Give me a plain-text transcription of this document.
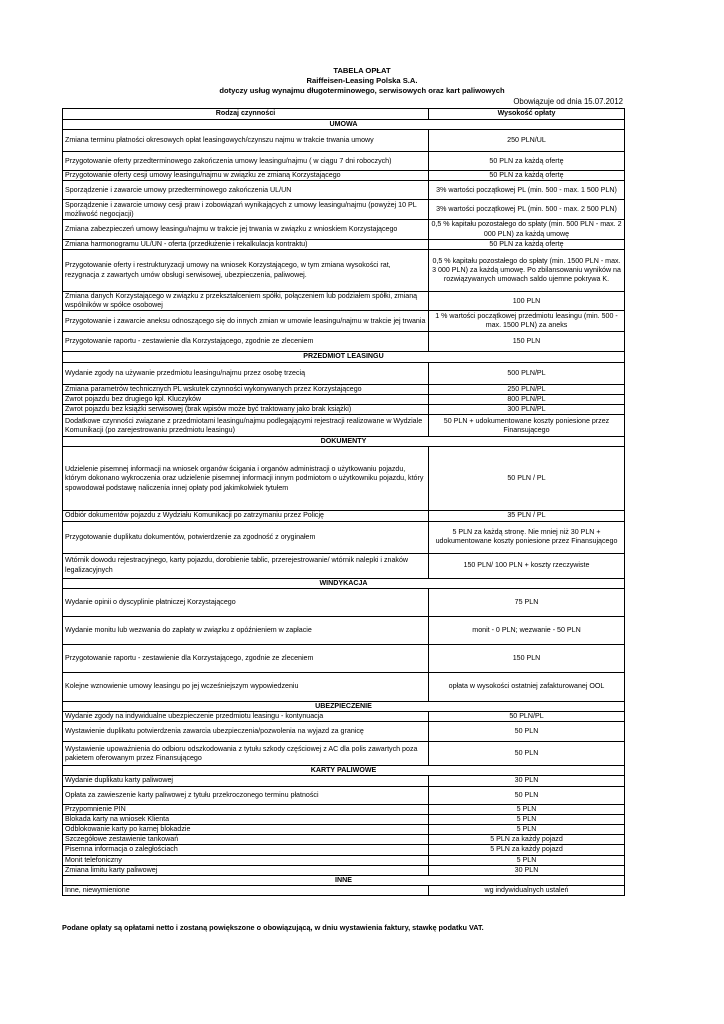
TABELA OPŁAT
Raiffeisen-Leasing Polska S.A.
dotyczy usług wynajmu długoterminowego, serwisowych oraz kart paliwowych
Obowiązuje od dnia 15.07.2012
Rodzaj czynności	Wysokość opłaty
UMOWA	
Zmiana terminu płatności okresowych opłat leasingowych/czynszu najmu w trakcie trwania umowy	250 PLN/UL
Przygotowanie oferty przedterminowego zakończenia umowy leasingu/najmu ( w ciągu 7 dni roboczych)	50 PLN za każdą ofertę
Przygotowanie oferty cesji umowy leasingu/najmu w związku ze zmianą Korzystającego	50 PLN za każdą ofertę
Sporządzenie i zawarcie umowy przedterminowego zakończenia UL/UN	3% wartości początkowej PL (min. 500 - max. 1 500 PLN)
Sporządzenie i zawarcie umowy cesji praw i zobowiązań wynikających z umowy leasingu/najmu (powyżej 10 PL możliwość negocjacji)	3% wartości początkowej PL (min. 500 - max. 2 500 PLN)
Zmiana zabezpieczeń umowy leasingu/najmu w trakcie jej trwania w związku z wnioskiem Korzystającego	0,5 % kapitału pozostałego do spłaty (min. 500 PLN - max. 2 000 PLN) za każdą umowę
Zmiana harmonogramu UL/UN - oferta (przedłużenie i rekalkulacja kontraktu)	50 PLN za każdą ofertę
Przygotowanie oferty i restrukturyzacji umowy na wniosek Korzystającego, w tym zmiana wysokości rat, rezygnacja z zawartych umów obsługi serwisowej, ubezpieczenia, paliwowej.	0,5 % kapitału pozostałego do spłaty (min. 1500 PLN - max. 3 000 PLN) za każdą umowę. Po zbilansowaniu wyników na rozwiązywanych umowach saldo ujemne pokrywa K.
Zmiana danych Korzystającego w związku z przekształceniem spółki, połączeniem lub podziałem spółki, zmianą wspólników w spółce osobowej	100 PLN
Przygotowanie i zawarcie aneksu odnoszącego się do innych zmian w umowie leasingu/najmu w trakcie jej trwania	1 % wartości początkowej przedmiotu leasingu (min. 500 - max. 1500 PLN) za aneks
Przygotowanie raportu - zestawienie dla Korzystającego, zgodnie ze zleceniem	150 PLN
PRZEDMIOT LEASINGU	
Wydanie zgody na używanie przedmiotu leasingu/najmu przez osobę trzecią	500 PLN/PL
Zmiana parametrów technicznych PL wskutek czynności wykonywanych przez Korzystającego	250 PLN/PL
Zwrot pojazdu bez drugiego kpl. Kluczyków	800 PLN/PL
Zwrot pojazdu bez książki serwisowej (brak wpisów może być traktowany jako brak książki)	300 PLN/PL
Dodatkowe czynności związane z przedmiotami leasingu/najmu podlegającymi rejestracji realizowane w Wydziale Komunikacji (po zarejestrowaniu przedmiotu leasingu)	50 PLN + udokumentowane koszty poniesione przez Finansującego
DOKUMENTY	
Udzielenie pisemnej informacji na wniosek organów ścigania i organów administracji o użytkowaniu pojazdu, którym dokonano wykroczenia oraz udzielenie pisemnej informacji innym podmiotom o użytkowniku pojazdu, który spowodował podstawę naliczenia innej opłaty pod jakimkolwiek tytułem	50 PLN / PL
Odbiór dokumentów pojazdu z Wydziału Komunikacji po zatrzymaniu przez Policję	35 PLN / PL
Przygotowanie duplikatu dokumentów, potwierdzenie za zgodność z oryginałem	5 PLN za każdą stronę. Nie mniej niż 30 PLN + udokumentowane koszty poniesione przez Finansującego
Wtórnik dowodu rejestracyjnego, karty pojazdu, dorobienie tablic, przerejestrowanie/ wtórnik nalepki i znaków legalizacyjnych	150 PLN/ 100 PLN + koszty rzeczywiste
WINDYKACJA	
Wydanie opinii o dyscyplinie płatniczej Korzystającego	75 PLN
Wydanie monitu lub wezwania do zapłaty w związku z opóźnieniem w zapłacie	monit - 0 PLN; wezwanie - 50 PLN
Przygotowanie raportu - zestawienie dla Korzystającego, zgodnie ze zleceniem	150 PLN
Kolejne wznowienie umowy leasingu po jej wcześniejszym wypowiedzeniu	opłata w wysokości ostatniej zafakturowanej OOL
UBEZPIECZENIE	
Wydanie zgody na indywidualne ubezpieczenie przedmiotu leasingu - kontynuacja	50 PLN/PL
Wystawienie duplikatu potwierdzenia zawarcia ubezpieczenia/pozwolenia na wyjazd za granicę	50 PLN
Wystawienie upoważnienia do odbioru odszkodowania z tytułu szkody częściowej z AC dla polis zawartych poza pakietem oferowanym przez Finansującego	50 PLN
KARTY PALIWOWE	
Wydanie duplikatu karty paliwowej	30 PLN
Opłata za zawieszenie karty paliwowej z tytułu przekroczonego terminu płatności	50 PLN
Przypomnienie PIN	5 PLN
Blokada karty na wniosek Klienta	5 PLN
Odblokowanie karty po karnej blokadzie	5 PLN
Szczegółowe zestawienie tankowań	5 PLN za każdy pojazd
Pisemna informacja o zaległościach	5 PLN za każdy pojazd
Monit telefoniczny	5 PLN
Zmiana limitu karty paliwowej	30 PLN
INNE	
Inne, niewymienione	wg indywidualnych ustaleń
Podane opłaty są opłatami netto i zostaną powiększone o obowiązującą, w dniu wystawienia faktury, stawkę podatku VAT.
